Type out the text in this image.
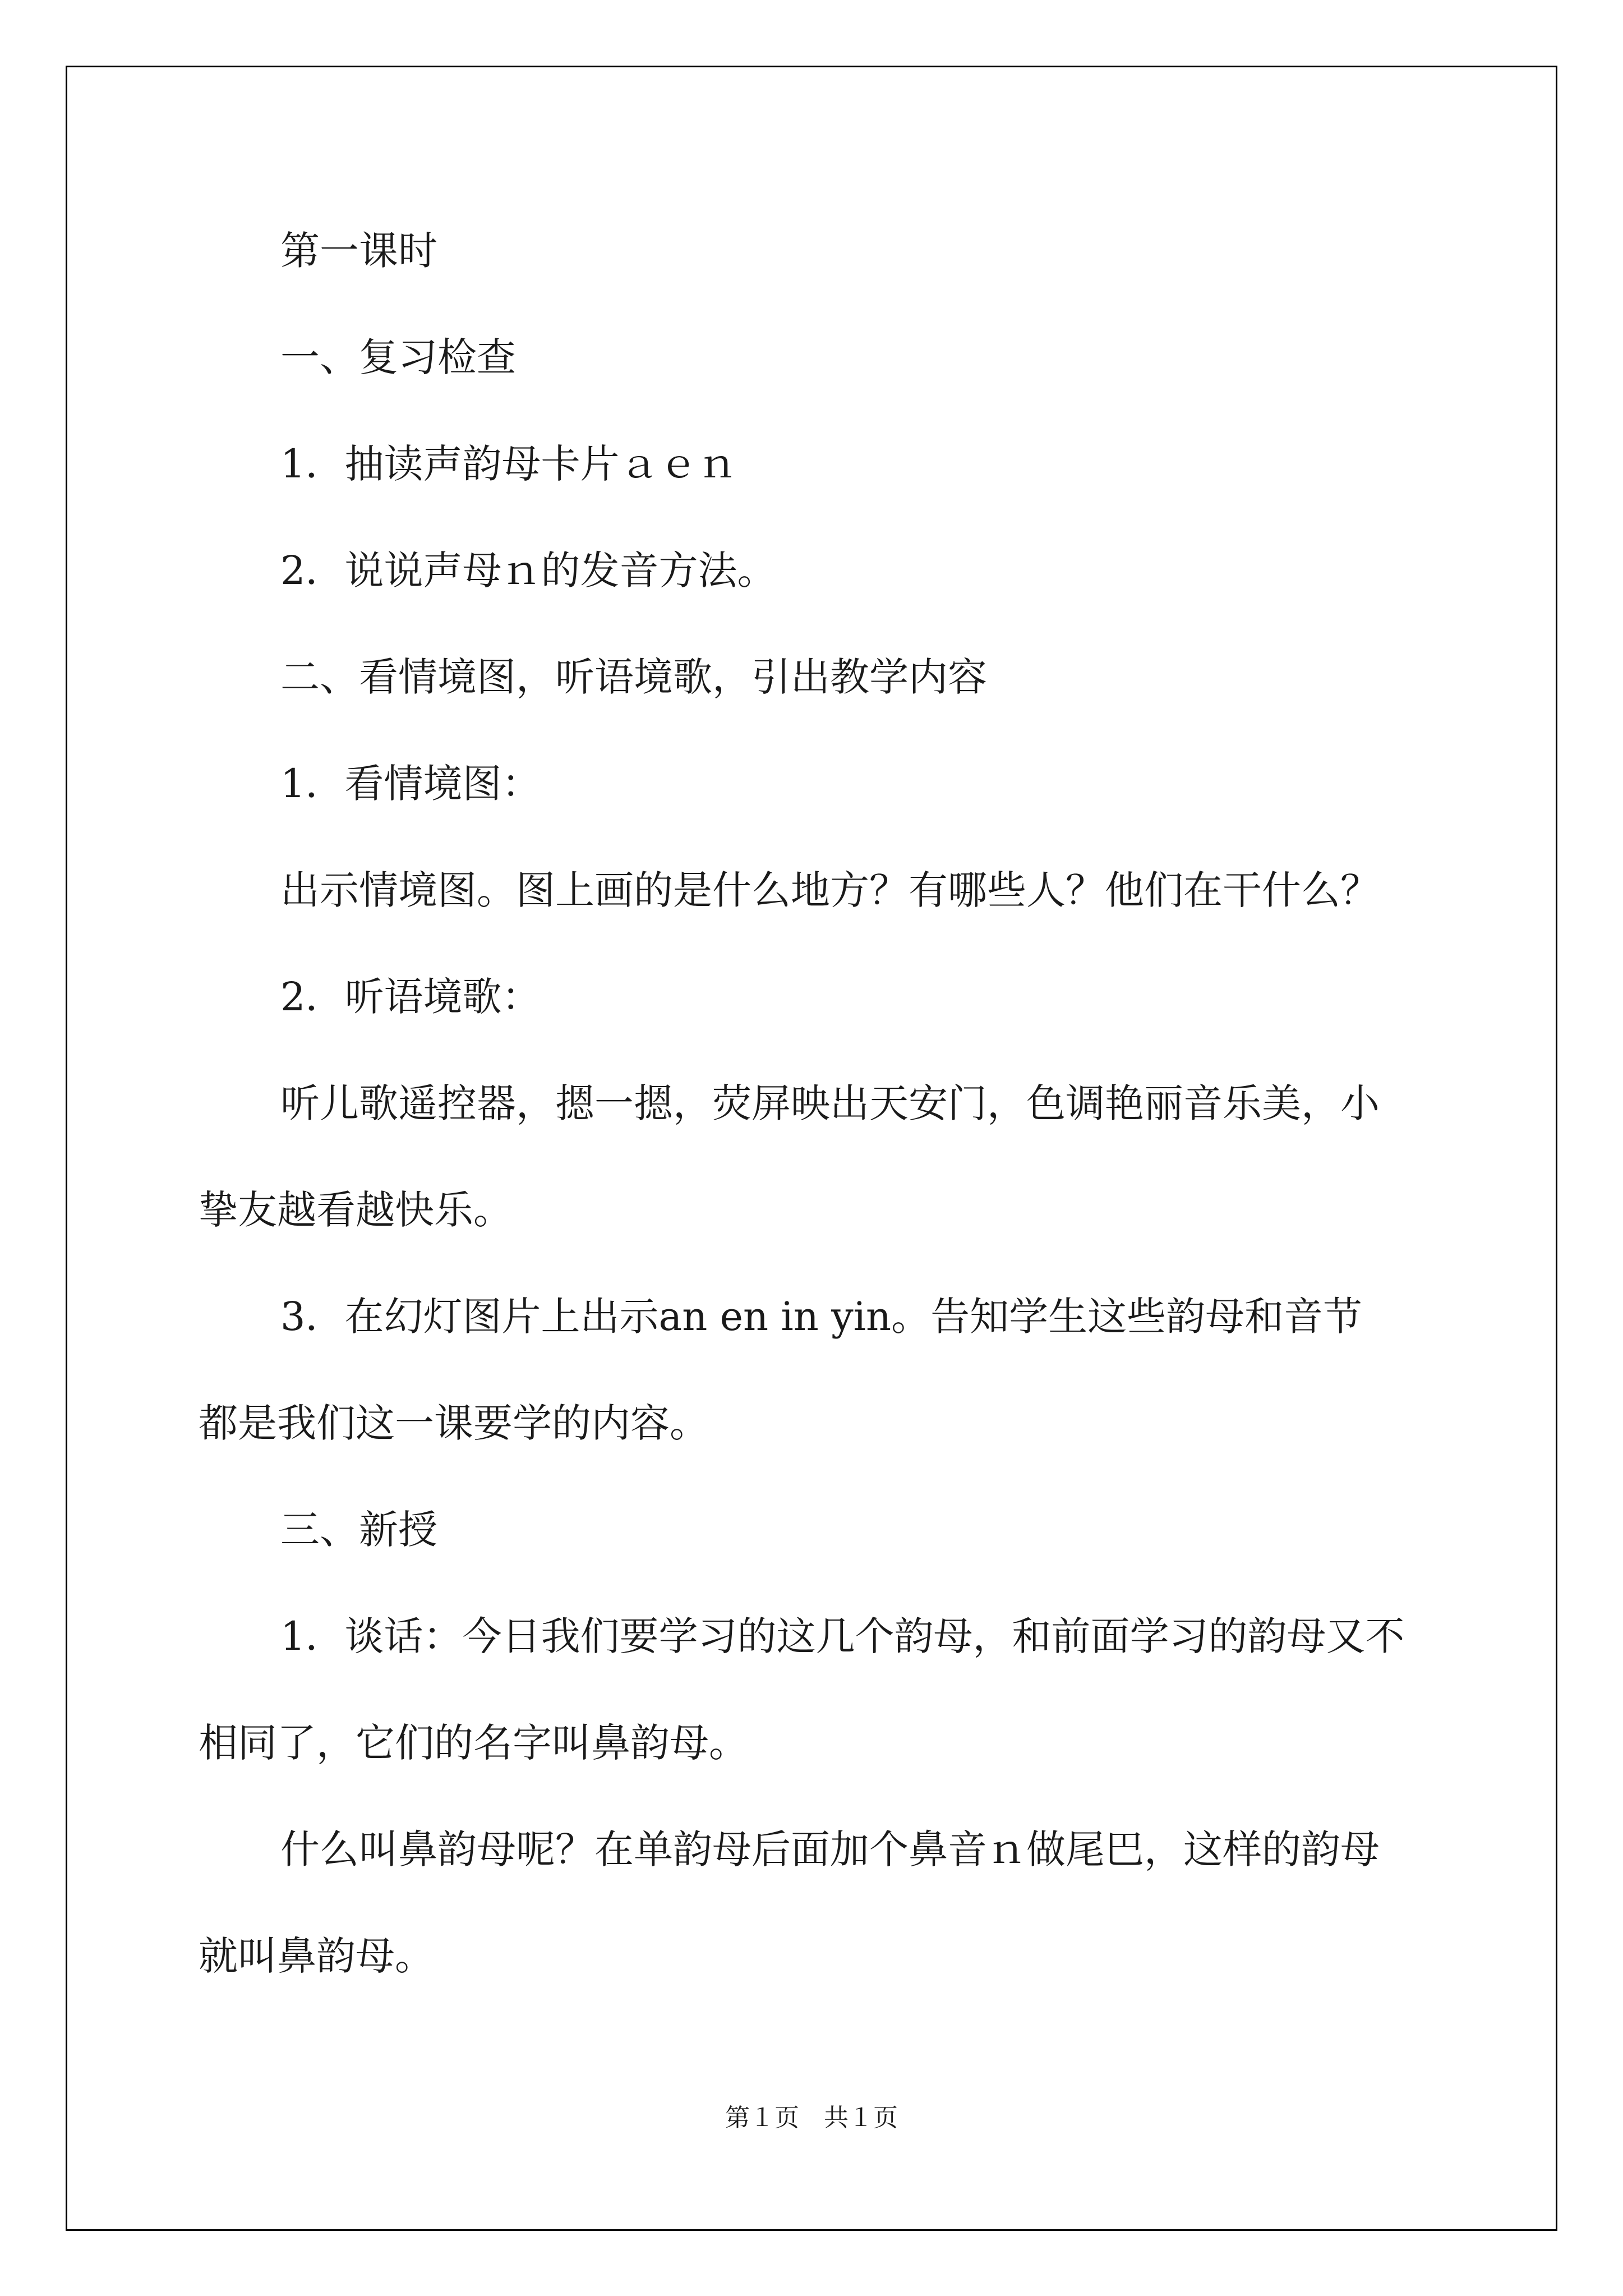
第一课时

一、复习检查

1．抽读声韵母卡片ａｅｎ

2．说说声母ｎ的发音方法。

二、看情境图，听语境歌，引出教学内容

1．看情境图：

出示情境图。图上画的是什么地方？有哪些人？他们在干什么？

2．听语境歌：

听儿歌遥控器，摁一摁，荧屏映出天安门，色调艳丽音乐美，小

挚友越看越快乐。

3．在幻灯图片上出示an en in yin。告知学生这些韵母和音节

都是我们这一课要学的内容。

三、新授

1．谈话：今日我们要学习的这几个韵母，和前面学习的韵母又不

相同了，它们的名字叫鼻韵母。

什么叫鼻韵母呢？在单韵母后面加个鼻音ｎ做尾巴，这样的韵母

就叫鼻韵母。

第１页　共１页
